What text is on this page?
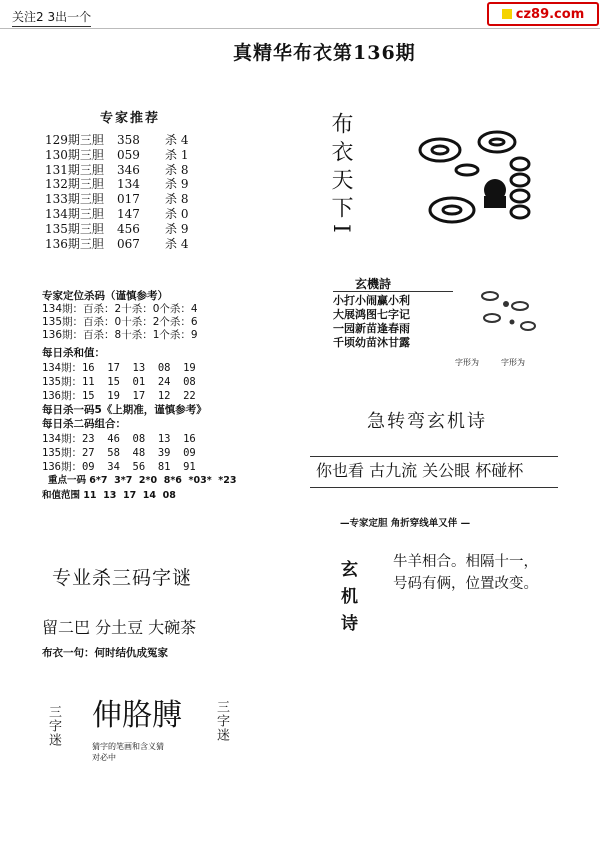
关注2 3出一个	cz89.com
真精华布衣第136期
专家推荐
129期三胆 358 杀 4
130期三胆 059 杀 1
131期三胆 346 杀 8
132期三胆 134 杀 9
133期三胆 017 杀 8
134期三胆 147 杀 0
135期三胆 456 杀 9
136期三胆 067 杀 4
专家定位杀码（谨慎参考）
134期：百杀：2十杀：0个杀：4
135期：百杀：0十杀：2个杀：6
136期：百杀：8十杀：1个杀：9
每日杀和值：
134期：16  17  13  08  19
135期：11  15  01  24  08
136期：15  19  17  12  22
每日杀一码5《上期准，谨慎参考》
每日杀二码组合：
134期：23  46  08  13  16
135期：27  58  48  39  09
136期：09  34  56  81  91
重点一码 6*7  3*7  2*0  8*6  *03*  *23
和值范围 11  13  17  14  08
专业杀三码字谜
留二巴 分土豆 大碗茶
布衣一句：何时结仇成冤家
三字迷 伸胳膊 三字迷
猜字的笔画和含义猜
对必中
布衣天下I
玄機詩
小打小闹赢小利
大展鸿图七字记
一园新苗逢春雨
千顷幼苗沐甘露
字形为	字形为
急转弯玄机诗
你也看 古九流 关公眼 杯碰杯
—专家定胆 角折穿线单又伴 —
玄机诗 牛羊相合。相隔十一，
号码有俩，位置改变。
